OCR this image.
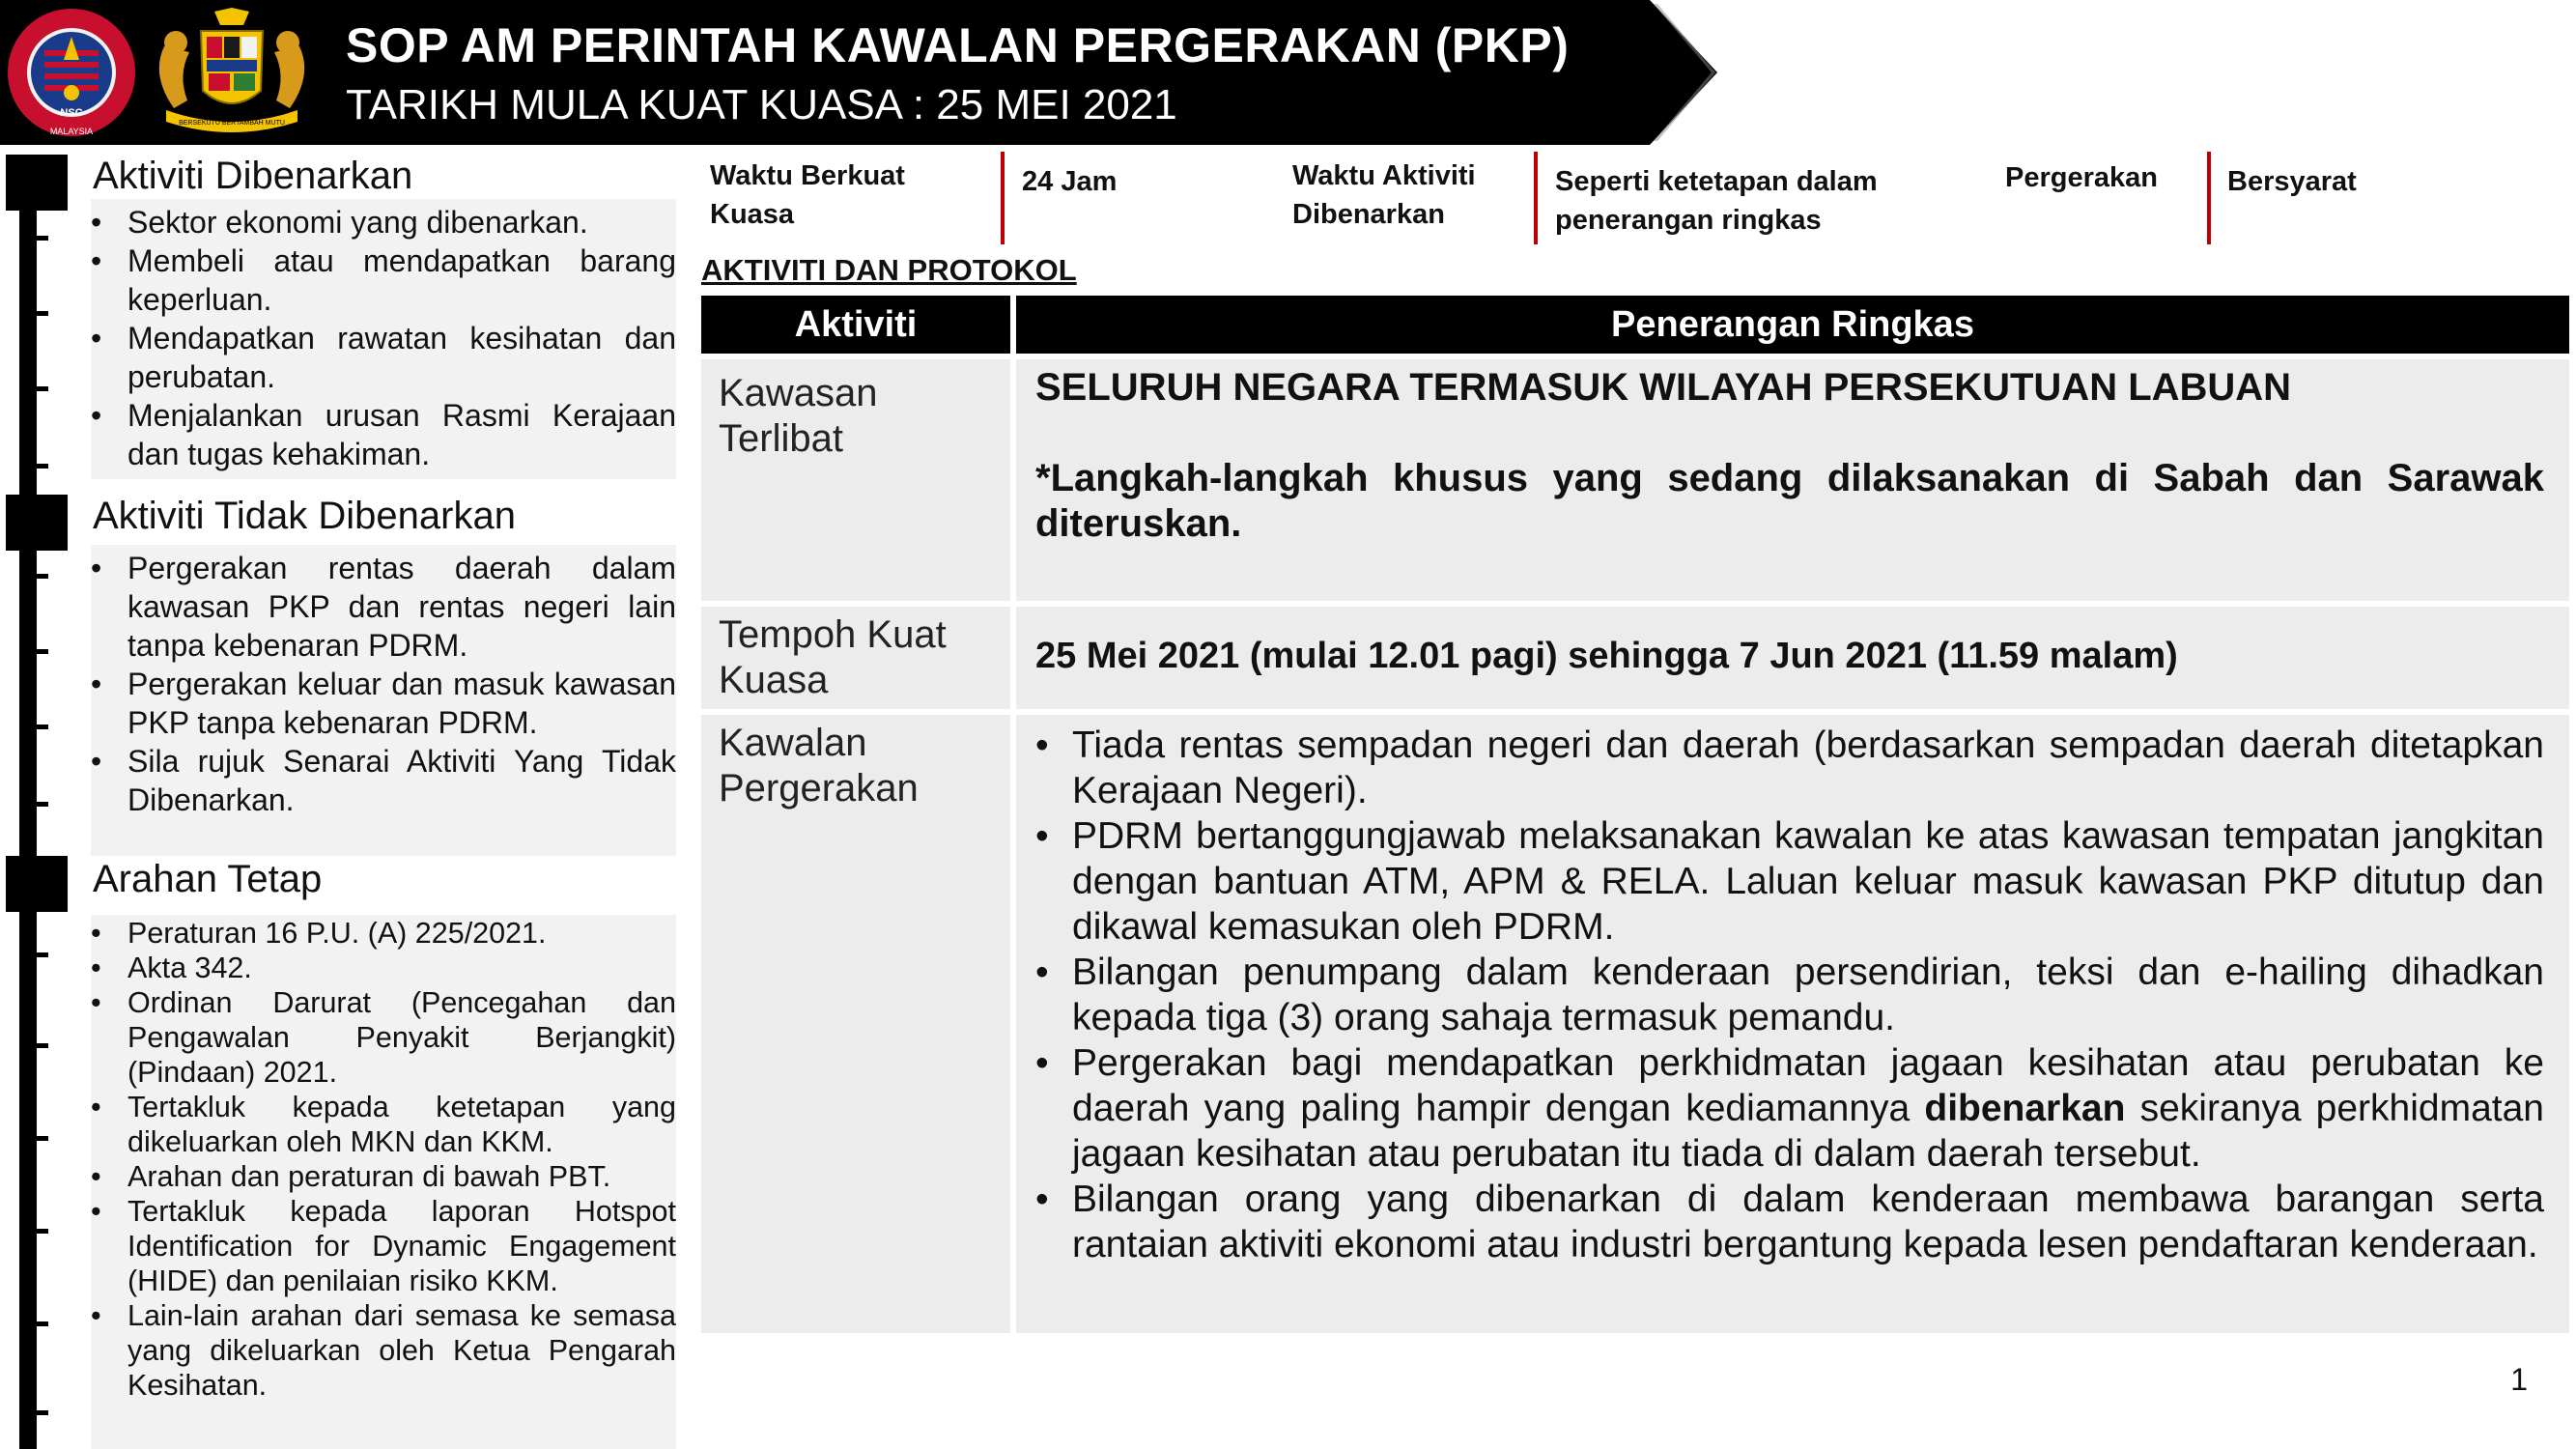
NSC
MALAYSIA
BERSEKUTU BERTAMBAH MUTU
SOP AM PERINTAH KAWALAN PERGERAKAN (PKP)
TARIKH MULA KUAT KUASA : 25 MEI 2021
Aktiviti Dibenarkan
• Sektor ekonomi yang dibenarkan.
• Membeli atau mendapatkan barang keperluan.
• Mendapatkan rawatan kesihatan dan perubatan.
• Menjalankan urusan Rasmi Kerajaan dan tugas kehakiman.
Aktiviti Tidak Dibenarkan
• Pergerakan rentas daerah dalam kawasan PKP dan rentas negeri lain tanpa kebenaran PDRM.
• Pergerakan keluar dan masuk kawasan PKP tanpa kebenaran PDRM.
• Sila rujuk Senarai Aktiviti Yang Tidak Dibenarkan.
Arahan Tetap
• Peraturan 16 P.U. (A) 225/2021.
• Akta 342.
• Ordinan Darurat (Pencegahan dan Pengawalan Penyakit Berjangkit) (Pindaan) 2021.
• Tertakluk kepada ketetapan yang dikeluarkan oleh MKN dan KKM.
• Arahan dan peraturan di bawah PBT.
• Tertakluk kepada laporan Hotspot Identification for Dynamic Engagement (HIDE) dan penilaian risiko KKM.
• Lain-lain arahan dari semasa ke semasa yang dikeluarkan oleh Ketua Pengarah Kesihatan.
Waktu Berkuat Kuasa
24 Jam	Waktu Aktiviti Dibenarkan
Seperti ketetapan dalam penerangan ringkas
Pergerakan Bersyarat
AKTIVITI DAN PROTOKOL
Aktiviti	Penerangan Ringkas
Kawasan Terlibat

SELURUH NEGARA TERMASUK WILAYAH PERSEKUTUAN LABUAN

*Langkah-langkah khusus yang sedang dilaksanakan di Sabah dan Sarawak diteruskan.

Tempoh Kuat Kuasa
25 Mei 2021 (mulai 12.01 pagi) sehingga 7 Jun 2021 (11.59 malam)
Kawalan Pergerakan
• Tiada rentas sempadan negeri dan daerah (berdasarkan sempadan daerah ditetapkan Kerajaan Negeri).
• PDRM bertanggungjawab melaksanakan kawalan ke atas kawasan tempatan jangkitan dengan bantuan ATM, APM & RELA. Laluan keluar masuk kawasan PKP ditutup dan dikawal kemasukan oleh PDRM.
• Bilangan penumpang dalam kenderaan persendirian, teksi dan e-hailing dihadkan kepada tiga (3) orang sahaja termasuk pemandu.
• Pergerakan bagi mendapatkan perkhidmatan jagaan kesihatan atau perubatan ke daerah yang paling hampir dengan kediamannya dibenarkan sekiranya perkhidmatan jagaan kesihatan atau perubatan itu tiada di dalam daerah tersebut.
• Bilangan orang yang dibenarkan di dalam kenderaan membawa barangan serta rantaian aktiviti ekonomi atau industri bergantung kepada lesen pendaftaran kenderaan.
1
